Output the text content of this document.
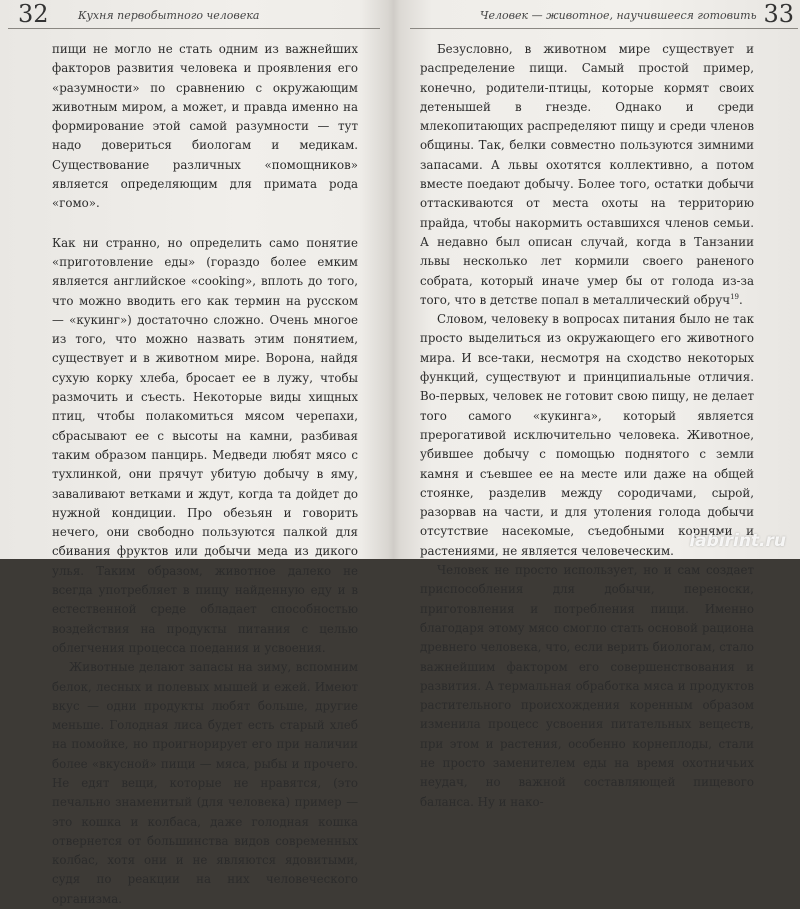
32	Кухня первобытного человека

пищи не могло не стать одним из важнейших факторов развития человека и проявления его «разумности» по сравнению с окружающим животным миром, а может, и правда именно на формирование этой самой разумности — тут надо довериться биологам и медикам. Существование различных «помощников» является определяющим для примата рода «гомо».

Как ни странно, но определить само понятие «приготовление еды» (гораздо более емким является английское «cooking», вплоть до того, что можно вводить его как термин на русском — «кукинг») достаточно сложно. Очень многое из того, что можно назвать этим понятием, существует и в животном мире. Ворона, найдя сухую корку хлеба, бросает ее в лужу, чтобы размочить и съесть. Некоторые виды хищных птиц, чтобы полакомиться мясом черепахи, сбрасывают ее с высоты на камни, разбивая таким образом панцирь. Медведи любят мясо с тухлинкой, они прячут убитую добычу в яму, заваливают ветками и ждут, когда та дойдет до нужной кондиции. Про обезьян и говорить нечего, они свободно пользуются палкой для сбивания фруктов или добычи меда из дикого улья. Таким образом, животное далеко не всегда употребляет в пищу найденную еду и в естественной среде обладает способностью воздействия на продукты питания с целью облегчения процесса поедания и усвоения.

Животные делают запасы на зиму, вспомним белок, лесных и полевых мышей и ежей. Имеют вкус — одни продукты любят больше, другие меньше. Голодная лиса будет есть старый хлеб на помойке, но проигнорирует его при наличии более «вкусной» пищи — мяса, рыбы и прочего. Не едят вещи, которые не нравятся, (это печально знаменитый (для человека) пример — это кошка и колбаса, даже голодная кошка отвернется от большинства видов современных колбас, хотя они и не являются ядовитыми, судя по реакции на них человеческого организма.

Человек — животное, научившееся готовить 33

Безусловно, в животном мире существует и распределение пищи. Самый простой пример, конечно, родители-птицы, которые кормят своих детенышей в гнезде. Однако и среди млекопитающих распределяют пищу и среди членов общины. Так, белки совместно пользуются зимними запасами. А львы охотятся коллективно, а потом вместе поедают добычу. Более того, остатки добычи оттаскиваются от места охоты на территорию прайда, чтобы накормить оставшихся членов семьи. А недавно был описан случай, когда в Танзании львы несколько лет кормили своего раненого собрата, который иначе умер бы от голода из-за того, что в детстве попал в металлический обруч$^{19}$.

Словом, человеку в вопросах питания было не так просто выделиться из окружающего его животного мира. И все-таки, несмотря на сходство некоторых функций, существуют и принципиальные отличия. Во-первых, человек не готовит свою пищу, не делает того самого «кукинга», который является прерогативой исключительно человека. Животное, убившее добычу с помощью поднятого с земли камня и съевшее ее на месте или даже на общей стоянке, разделив между сородичами, сырой, разорвав на части, и для утоления голода добычи отсутствие насекомые, съедобными корнями и растениями, не является человеческим.

Человек не просто использует, но и сам создает приспособления для добычи, переноски, приготовления и потребления пищи. Именно благодаря этому мясо смогло стать основой рациона древнего человека, что, если верить биологам, стало важнейшим фактором его совершенствования и развития. А термальная обработка мяса и продуктов растительного происхождения коренным образом изменила процесс усвоения питательных веществ, при этом и растения, особенно корнеплоды, стали не просто заменителем еды на время охотничьих неудач, но важной составляющей пищевого баланса. Ну и нако-

labirint.ru
